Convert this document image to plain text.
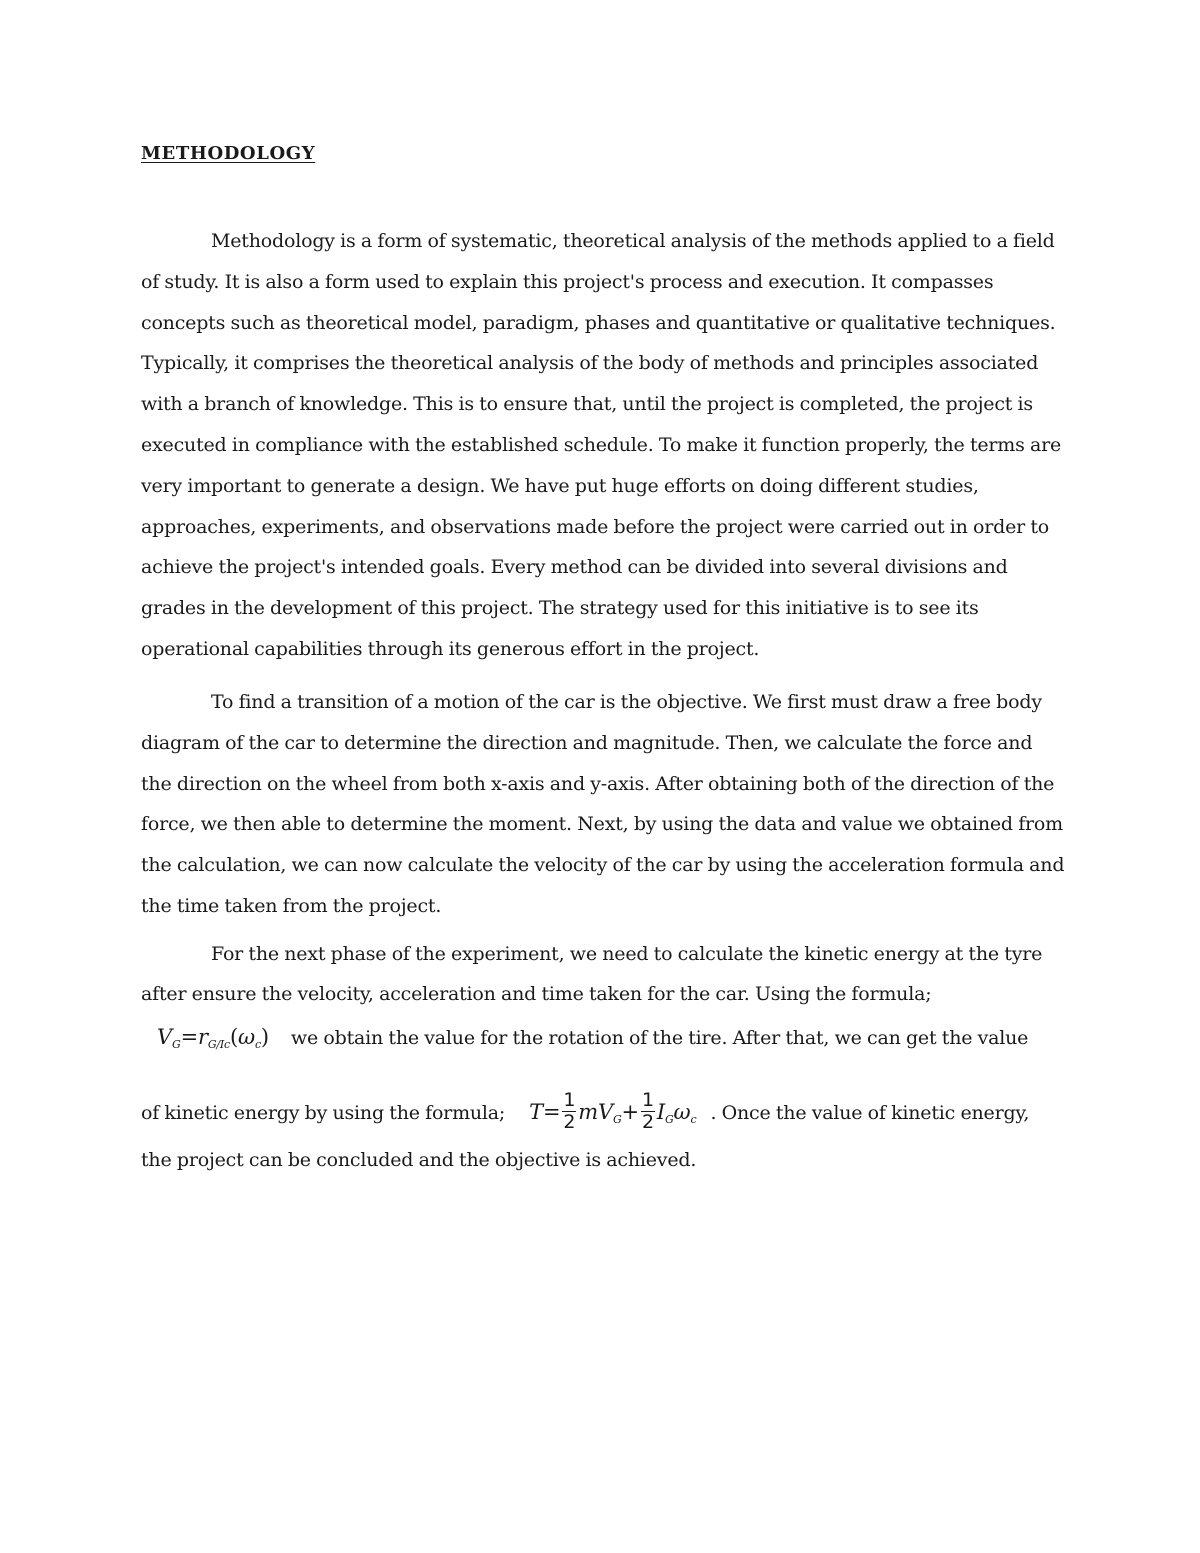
METHODOLOGY

Methodology is a form of systematic, theoretical analysis of the methods applied to a field of study. It is also a form used to explain this project's process and execution. It compasses concepts such as theoretical model, paradigm, phases and quantitative or qualitative techniques. Typically, it comprises the theoretical analysis of the body of methods and principles associated with a branch of knowledge. This is to ensure that, until the project is completed, the project is executed in compliance with the established schedule. To make it function properly, the terms are very important to generate a design. We have put huge efforts on doing different studies, approaches, experiments, and observations made before the project were carried out in order to achieve the project's intended goals. Every method can be divided into several divisions and grades in the development of this project. The strategy used for this initiative is to see its operational capabilities through its generous effort in the project.

To find a transition of a motion of the car is the objective. We first must draw a free body diagram of the car to determine the direction and magnitude. Then, we calculate the force and the direction on the wheel from both x-axis and y-axis. After obtaining both of the direction of the force, we then able to determine the moment. Next, by using the data and value we obtained from the calculation, we can now calculate the velocity of the car by using the acceleration formula and the time taken from the project.

For the next phase of the experiment, we need to calculate the kinetic energy at the tyre
after ensure the velocity, acceleration and time taken for the car. Using the formula;
$V_G=r_{G/Ic}(\omega_c)$ we obtain the value for the rotation of the tire. After that, we can get the value
of kinetic energy by using the formula; $T= \frac{1}{2} mV_G+ \frac{1}{2} I_G\omega_c$ . Once the value of kinetic energy,
the project can be concluded and the objective is achieved.
